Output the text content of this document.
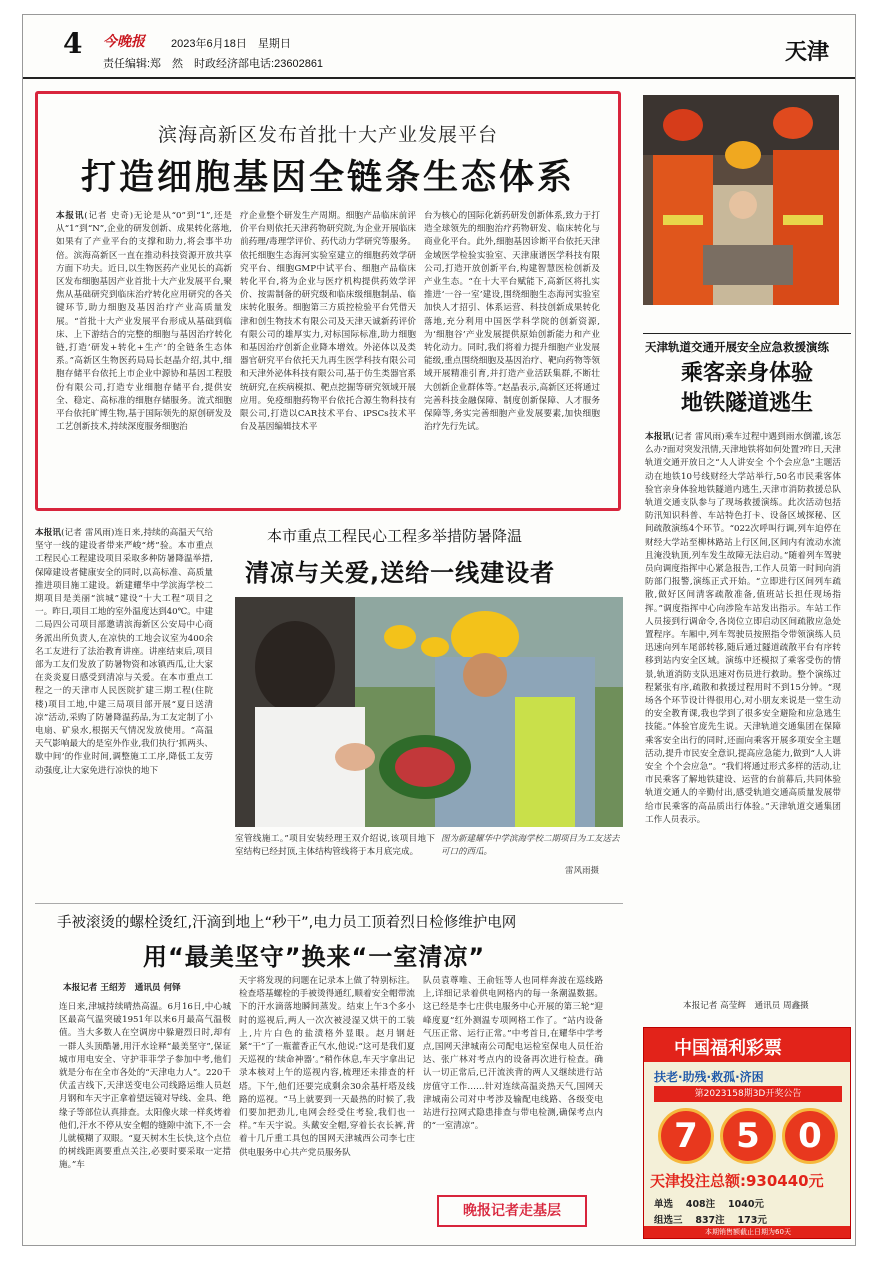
4 今晚报	2023年6月18日　星期日
责任编辑:郑　然　时政经济部电话:23602861	天津
滨海高新区发布首批十大产业发展平台
打造细胞基因全链条生态体系
本报讯(记者 史奇)无论是从“0”到“1”,还是从“1”到“N”,企业的研发创新、成果转化落地,如果有了产业平台的支撑和助力,将会事半功倍。滨海高新区一直在推动科技资源开放共享方面下功夫。近日,以生物医药产业见长的高新区发布细胞基因产业首批十大产业发展平台,聚焦从基础研究到临床治疗转化应用研究的各关键环节,助力细胞及基因治疗产业高质量发展。“首批十大产业发展平台形成从基础到临床、上下游结合的完整的细胞与基因治疗转化链,打造‘研发+转化+生产’的全链条生态体系。”高新区生物医药局局长赵晶介绍,其中,细胞存储平台依托上市企业中源协和基因工程股份有限公司,打造专业细胞存储平台,提供安全、稳定、高标准的细胞存储服务。流式细胞平台依托旷博生物,基于国际领先的原创研发及工艺创新技术,持续深度服务细胞治
疗企业整个研发生产周期。细胞产品临床前评价平台则依托天津药物研究院,为企业开展临床前药理/毒理学评价、药代动力学研究等服务。依托细胞生态海河实验室建立的细胞药效学研究平台、细胞GMP中试平台、细胞产品临床转化平台,将为企业与医疗机构提供药效学评价、按需制备的研究级和临床级细胞制品、临床转化服务。细胞第三方质控检验平台凭借天津和创生物技术有限公司及天津天诚新药评价有限公司的雄厚实力,对标国际标准,助力细胞和基因治疗创新企业降本增效。外泌体以及类器官研究平台依托天九再生医学科技有限公司和天津外泌体科技有限公司,基于仿生类器官系统研究,在疾病模拟、靶点挖掘等研究领域开展应用。免疫细胞药物平台依托合源生物科技有限公司,打造以CAR技术平台、iPSCs技术平台及基因编辑技术平
台为核心的国际化新药研发创新体系,致力于打造全球领先的细胞治疗药物研发、临床转化与商业化平台。此外,细胞基因诊断平台依托天津金域医学检验实验室、天津康谱医学科技有限公司,打造开放创新平台,构建智慧医检创新及产业生态。“在十大平台赋能下,高新区将扎实推进‘一谷一室’建设,围绕细胞生态海河实验室加快人才招引、体系运营、科技创新成果转化落地,充分利用中国医学科学院的创新资源,为‘细胞谷’产业发展提供原始创新能力和产业转化动力。同时,我们将着力提升细胞产业发展能级,重点围绕细胞及基因治疗、靶向药物等领域开展精准引育,并打造产业活跃集群,不断壮大创新企业群体等。”赵晶表示,高新区还将通过完善科技金融保障、制度创新保障、人才服务保障等,务实完善细胞产业发展要素,加快细胞治疗先行先试。
天津轨道交通开展安全应急救援演练
乘客亲身体验
地铁隧道逃生
本报讯(记者 雷风雨)乘车过程中遇到雨水倒灌,该怎么办?面对突发汛情,天津地铁将如何处置?昨日,天津轨道交通开放日之“人人讲安全 个个会应急”主题活动在地铁10号线财经大学站举行,50名市民乘客体验官亲身体验地铁隧道内逃生,天津市消防救援总队轨道交通支队参与了现场救援演练。此次活动包括防汛知识科普、车站特色打卡、设备区域探秘、区间疏散演练4个环节。“022次呼叫行调,列车迫停在财经大学站至柳林路站上行区间,区间内有流动水流且淹没轨顶,列车发生故障无法启动。”随着列车驾驶员向调度指挥中心紧急报告,工作人员第一时间向消防部门报警,演练正式开始。“立即进行区间列车疏散,做好区间清客疏散准备,值班站长担任现场指挥。”调度指挥中心向涉险车站发出指示。车站工作人员接到行调命令,各岗位立即启动区间疏散应急处置程序。车厢中,列车驾驶员按照指令带领演练人员迅速向列车尾部转移,随后通过隧道疏散平台有序转移到站内安全区域。演练中还模拟了乘客受伤的情景,轨道消防支队迅速对伤员进行救助。整个演练过程紧张有序,疏散和救援过程用时不到15分钟。“现场各个环节设计得很用心,对小朋友来说是一堂生动的安全教育课,我也学到了很多安全避险和应急逃生技能。”体验官庞先生说。天津轨道交通集团在保障乘客安全出行的同时,还面向乘客开展多项安全主题活动,提升市民安全意识,提高应急能力,做到“人人讲安全 个个会应急”。“我们将通过形式多样的活动,让市民乘客了解地铁建设、运营的台前幕后,共同体验轨道交通人的辛勤付出,感受轨道交通高质量发展带给市民乘客的高品质出行体验。”天津轨道交通集团工作人员表示。
本报记者 高莹辉　通讯员 周鑫摄
本报讯(记者 雷风雨)连日来,持续的高温天气给坚守一线的建设者带来严峻“烤”验。本市重点工程民心工程建设项目采取多种防暑降温举措,保障建设者健康安全的同时,以高标准、高质量推进项目施工建设。新建耀华中学滨海学校二期项目是美丽“滨城”建设“十大工程”项目之一。昨日,项目工地的室外温度达到40℃。中建二局四公司项目部邀请滨海新区公安局中心商务派出所负责人,在凉快的工地会议室为400余名工友进行了法治教育讲座。讲座结束后,项目部为工友们发放了防暑物资和冰镇西瓜,让大家在炎炎夏日感受到清凉与关爱。在本市重点工程之一的天津市人民医院扩建三期工程(住院楼)项目工地,中建三局项目部开展“夏日送清凉”活动,采购了防暑降温药品,为工友定制了小电扇、矿泉水,根据天气情况发放使用。“高温天气影响最大的是室外作业,我们执行‘抓两头、歇中间’的作业时间,调整施工工序,降低工友劳动强度,让大家免进行凉快的地下
本市重点工程民心工程多举措防暑降温
清凉与关爱,送给一线建设者
室管线施工。”项目安装经理王双介绍说,该项目地下室结构已经封顶,主体结构管线将于本月底完成。
图为新建耀华中学滨海学校二期项目为工友送去可口的西瓜。
雷风雨摄
手被滚烫的螺栓烫红,汗滴到地上“秒干”,电力员工顶着烈日检修维护电网
用“最美坚守”换来“一室清凉”
本报记者 王绍芳　通讯员 何铎
连日来,津城持续晴热高温。6月16日,中心城区最高气温突破1951年以来6月最高气温极值。当大多数人在空调房中躲避烈日时,却有一群人头顶酷暑,用汗水诠释“最美坚守”,保证城市用电安全、守护菲菲学子参加中考,他们就是分布在全市各处的“天津电力人”。220千伏孟吉线下,天津送变电公司线路运维人员赵月钢和车天宇正拿着望远镜对导线、金具、绝缘子等部位认真排查。太阳像火球一样炙烤着他们,汗水不停从安全帽的缝隙中流下,不一会儿就模糊了双眼。“夏天树木生长快,这个点位的树线距离要重点关注,必要时要采取一定措施。”车
天宇将发现的问题在记录本上做了特别标注。检查塔基螺栓的手被烫得通红,顺着安全帽带流下的汗水滴落地瞬间蒸发。结束上午3个多小时的巡视后,两人一次次被浸湿又烘干的工装上,片片白色的盐渍格外显眼。赵月钢赶紧“干”了一瓶藿香正气水,他说:“这可是我们夏天巡视的‘续命神器’。”稍作休息,车天宇拿出记录本核对上午的巡视内容,梳理还未排查的杆塔。下午,他们还要完成剩余30余基杆塔及线路的巡视。“马上就要到一天最热的时候了,我们要加把劲儿,电网会经受住考验,我们也一样。”车天宇说。头戴安全帽,穿着长衣长裤,背着十几斤重工具包的国网天津城西公司李七庄供电服务中心共产党员服务队
队员袁尊唯、王俞钰等人也同样奔波在巡线路上,详细记录着供电网格内的每一条潮温数据。这已经是李七庄供电服务中心开展的第三轮“迎峰度夏”红外测温专项网格工作了。“站内设备气压正常、运行正常。”中考首日,在耀华中学考点,国网天津城南公司配电运检室保电人员任治达、张广林对考点内的设备再次进行检查。确认一切正常后,已汗流浃背的两人又继续进行站房值守工作……针对连续高温炎热天气,国网天津城南公司对中考涉及输配电线路、各级变电站进行拉网式隐患排查与带电检测,确保考点内的“一室清凉”。
晚报记者走基层
中国福利彩票
扶老·助残·救孤·济困
第2023158期3D开奖公告
7	5	0
天津投注总额:930440元
单选　 408注　 1040元
组选三　 837注　 173元
本期销售额截止日期为60天
